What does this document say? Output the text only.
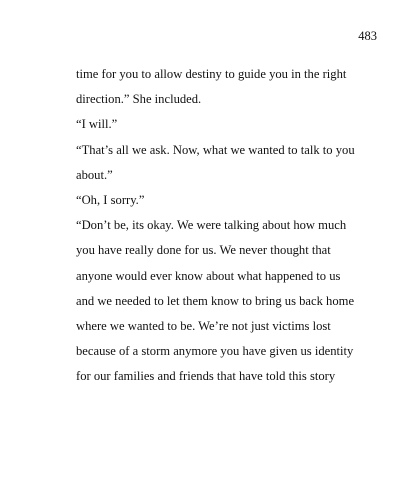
483
time for you to allow destiny to guide you in the right
direction.” She included.
“I will.”
“That’s all we ask. Now, what we wanted to talk to you
about.”
“Oh, I sorry.”
“Don’t be, its okay. We were talking about how much
you have really done for us. We never thought that
anyone would ever know about what happened to us
and we needed to let them know to bring us back home
where we wanted to be. We’re not just victims lost
because of a storm anymore you have given us identity
for our families and friends that have told this story
